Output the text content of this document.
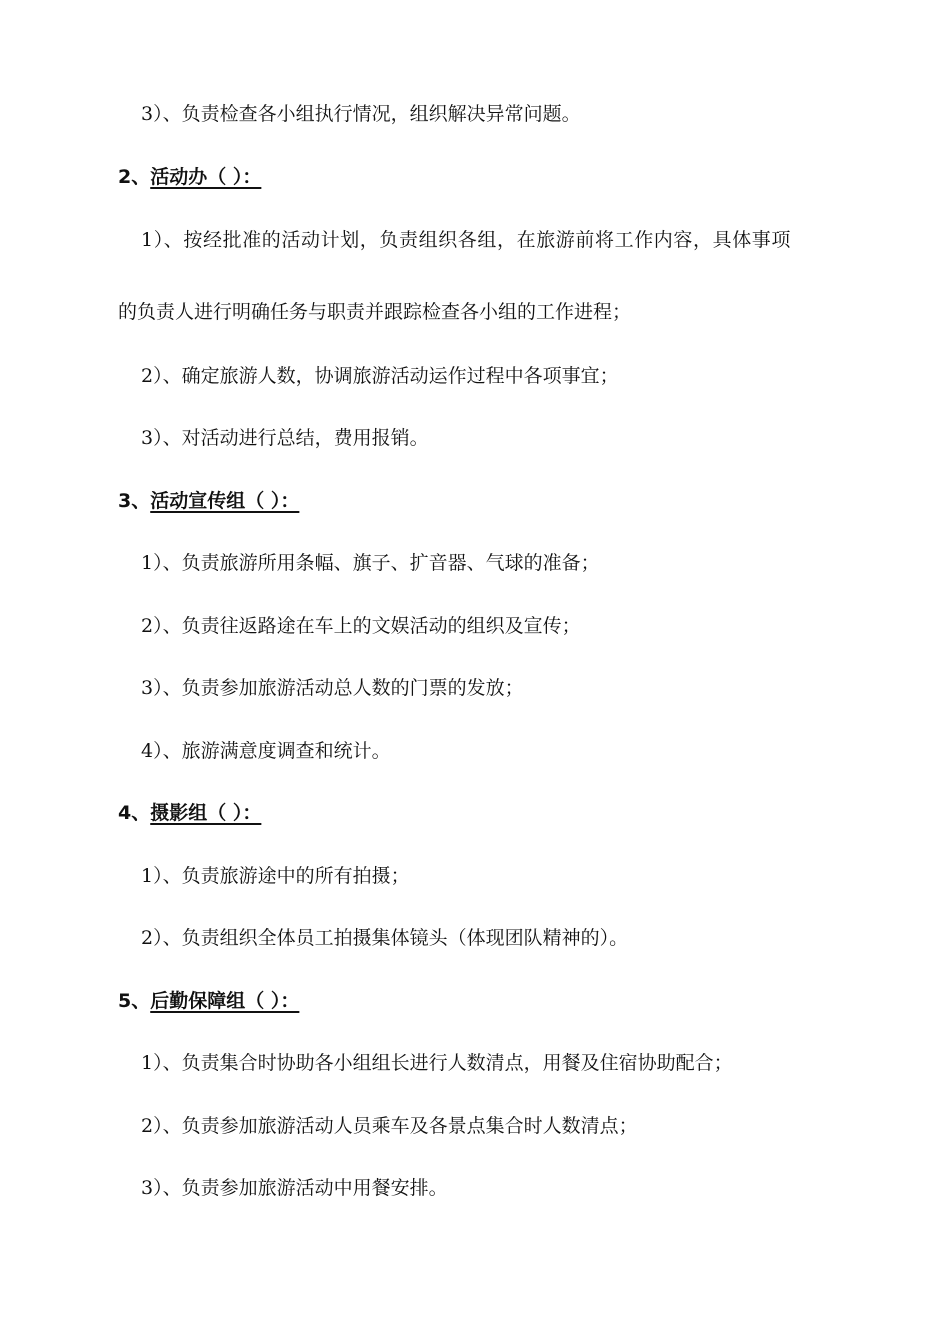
3）、负责检查各小组执行情况，组织解决异常问题。
2、活动办（ ）：
1）、按经批准的活动计划，负责组织各组，在旅游前将工作内容，具体事项
的负责人进行明确任务与职责并跟踪检查各小组的工作进程；
2）、确定旅游人数，协调旅游活动运作过程中各项事宜；
3）、对活动进行总结，费用报销。
3、活动宣传组（ ）：
1）、负责旅游所用条幅、旗子、扩音器、气球的准备；
2）、负责往返路途在车上的文娱活动的组织及宣传；
3）、负责参加旅游活动总人数的门票的发放；
4）、旅游满意度调查和统计。
4、摄影组（ ）：
1）、负责旅游途中的所有拍摄；
2）、负责组织全体员工拍摄集体镜头（体现团队精神的）。
5、后勤保障组（ ）：
1）、负责集合时协助各小组组长进行人数清点，用餐及住宿协助配合；
2）、负责参加旅游活动人员乘车及各景点集合时人数清点；
3）、负责参加旅游活动中用餐安排。
